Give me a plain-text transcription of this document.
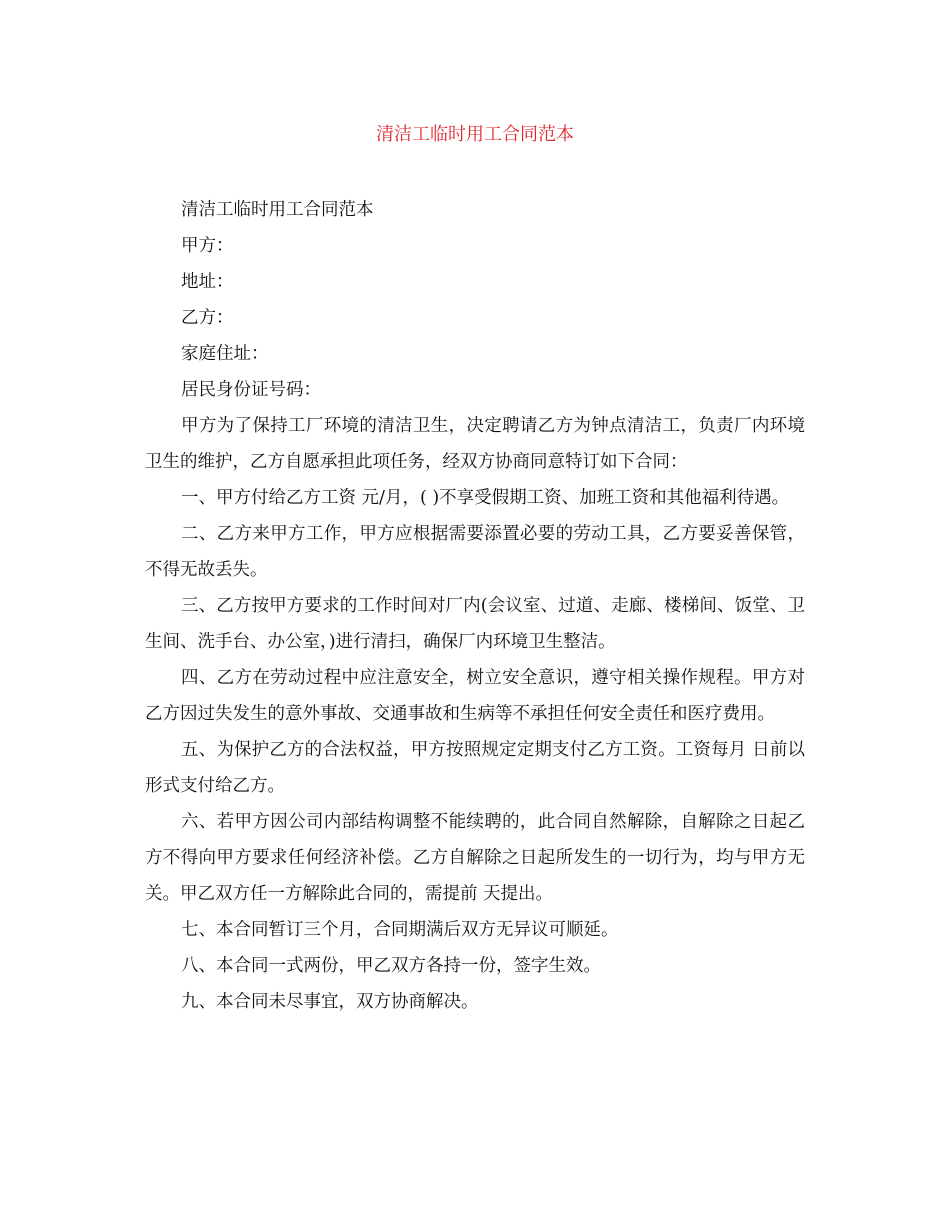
清洁工临时用工合同范本

清洁工临时用工合同范本

甲方：

地址：

乙方：

家庭住址：

居民身份证号码：

甲方为了保持工厂环境的清洁卫生，决定聘请乙方为钟点清洁工，负责厂内环境卫生的维护，乙方自愿承担此项任务，经双方协商同意特订如下合同：

一、甲方付给乙方工资 元/月，( )不享受假期工资、加班工资和其他福利待遇。

二、乙方来甲方工作，甲方应根据需要添置必要的劳动工具，乙方要妥善保管，不得无故丢失。

三、乙方按甲方要求的工作时间对厂内(会议室、过道、走廊、楼梯间、饭堂、卫生间、洗手台、办公室，)进行清扫，确保厂内环境卫生整洁。

四、乙方在劳动过程中应注意安全，树立安全意识，遵守相关操作规程。甲方对乙方因过失发生的意外事故、交通事故和生病等不承担任何安全责任和医疗费用。

五、为保护乙方的合法权益，甲方按照规定定期支付乙方工资。工资每月 日前以 形式支付给乙方。

六、若甲方因公司内部结构调整不能续聘的，此合同自然解除，自解除之日起乙方不得向甲方要求任何经济补偿。乙方自解除之日起所发生的一切行为，均与甲方无关。甲乙双方任一方解除此合同的，需提前 天提出。

七、本合同暂订三个月，合同期满后双方无异议可顺延。

八、本合同一式两份，甲乙双方各持一份，签字生效。

九、本合同未尽事宜，双方协商解决。
